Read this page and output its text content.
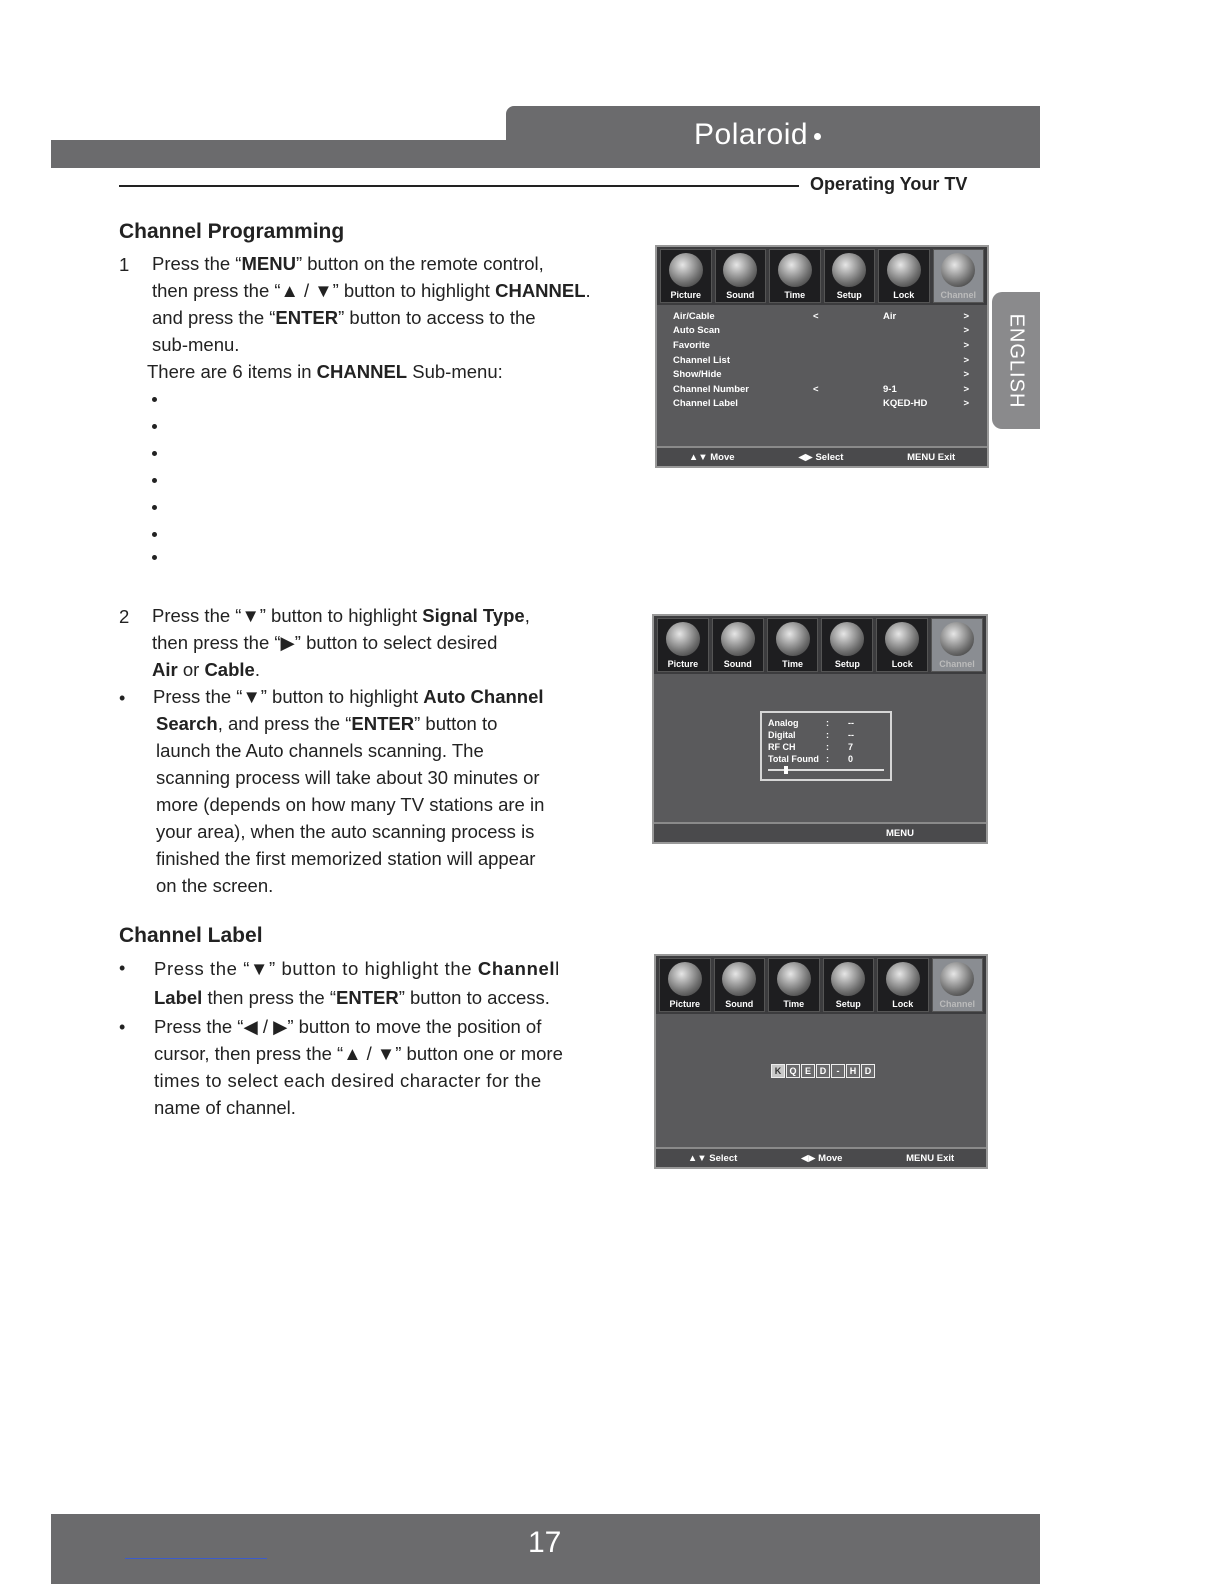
Polaroid
Operating Your TV
ENGLISH
Channel Programming
1 Press the “MENU” button on the remote control,
then press the “▲ / ▼” button to highlight CHANNEL.
and press the “ENTER” button to access to the
sub-menu.
There are 6 items in CHANNEL Sub-menu:
Picture	Sound	Time	Setup	Lock	Channel
Air/Cable	<	Air	>
Auto Scan	>
Favorite	>
Channel List	>
Show/Hide	>
Channel Number	<	9-1	>
Channel Label	KQED-HD	>
▲▼ Move	◀▶ Select	MENU Exit
2 Press the “▼” button to highlight Signal Type,
then press the “▶” button to select desired
Air or Cable.
• Press the “▼” button to highlight Auto Channel
Search, and press the “ENTER” button to
launch the Auto channels scanning. The
scanning process will take about 30 minutes or
more (depends on how many TV stations are in
your area), when the auto scanning process is
finished the first memorized station will appear
on the screen.
Picture	Sound	Time	Setup	Lock	Channel
Analog	:	--
Digital	:	--
RF CH	:	7
Total Found :	0
MENU
Channel Label
• Press the “▼” button to highlight the Channell
Label then press the “ENTER” button to access.
• Press the “◀ / ▶” button to move the position of
cursor, then press the “▲ / ▼” button one or more
times to select each desired character for the
name of channel.
Picture	Sound	Time	Setup	Lock	Channel
K Q E D	-	H D
▲▼ Select	◀▶ Move	MENU Exit
17
